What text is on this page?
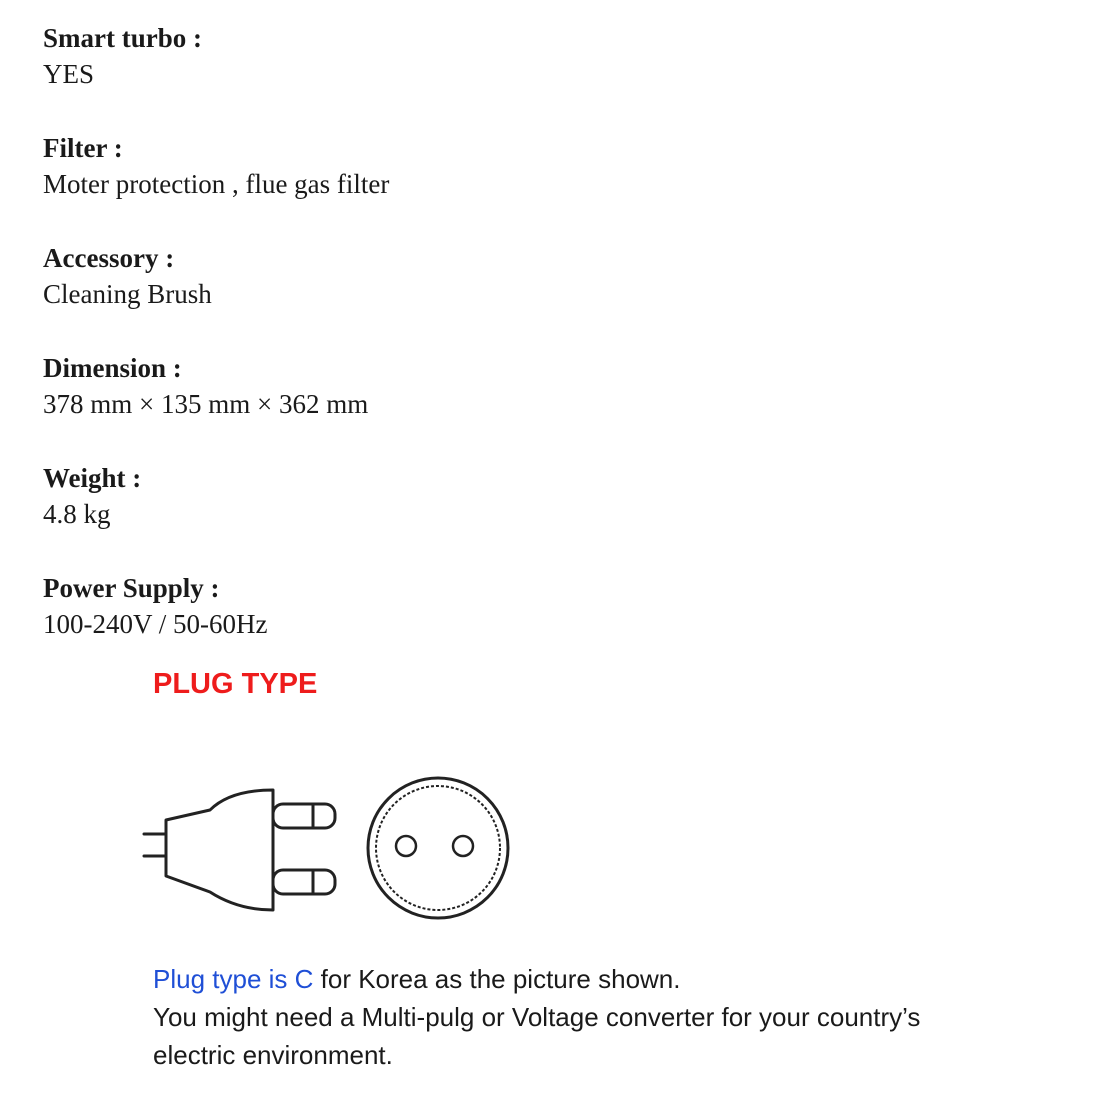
Smart turbo :

YES

Filter :

Moter protection , flue gas filter

Accessory :

Cleaning Brush

Dimension :

378 mm × 135 mm × 362 mm

Weight :

4.8 kg

Power Supply :

100-240V / 50-60Hz

PLUG TYPE

Plug type is C for Korea as the picture shown.

You might need a Multi-pulg or Voltage converter for your country’s

electric environment.
